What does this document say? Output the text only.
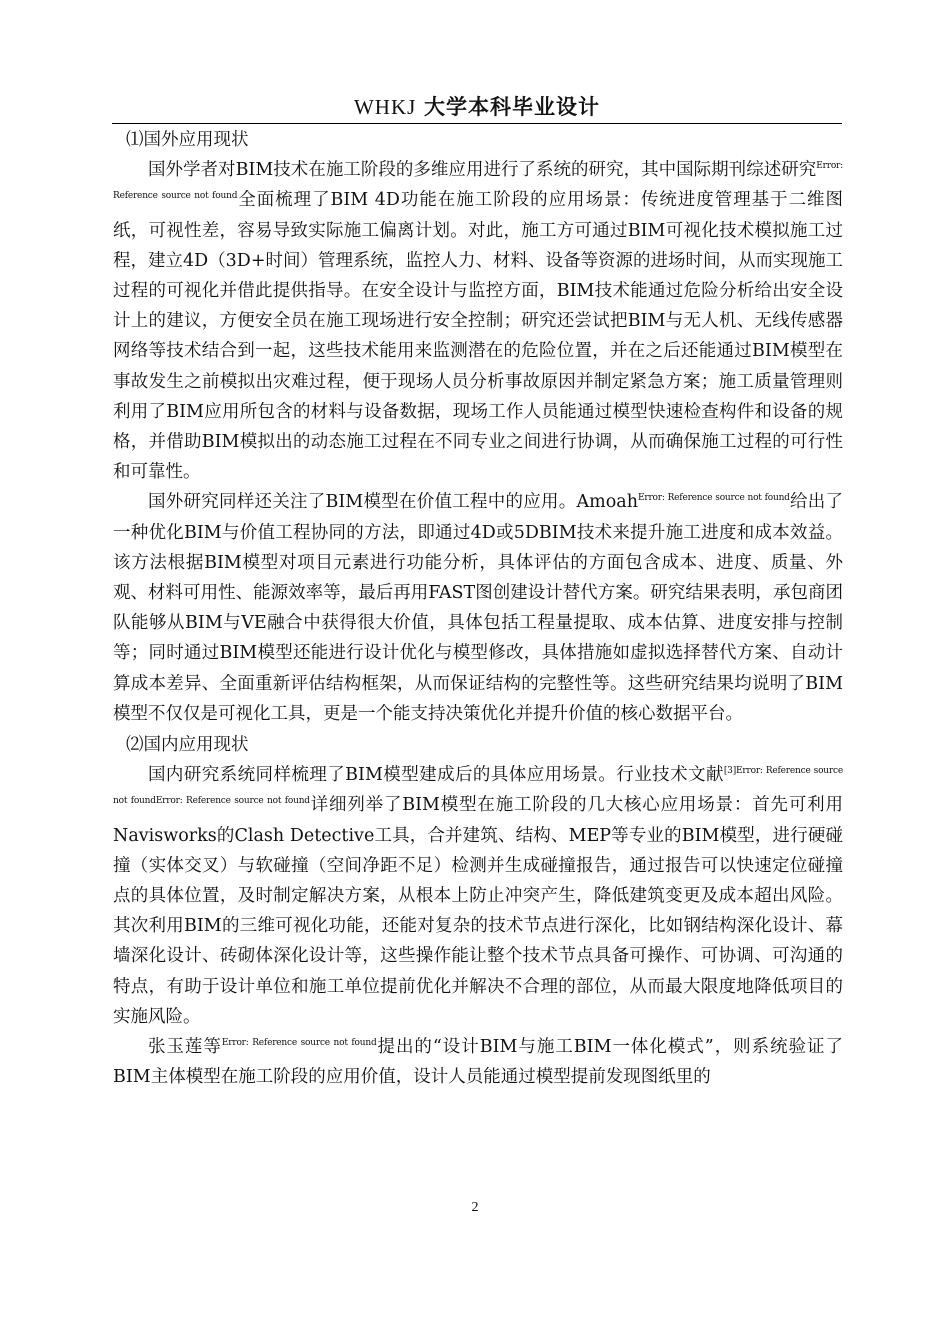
WHKJ 大学本科毕业设计
⑴国外应用现状

国外学者对BIM技术在施工阶段的多维应用进行了系统的研究，其中国际期刊综述研究$^{Error: Reference source not found}$全面梳理了BIM 4D功能在施工阶段的应用场景：传统进度管理基于二维图纸，可视性差，容易导致实际施工偏离计划。对此，施工方可通过BIM可视化技术模拟施工过程，建立4D（3D+时间）管理系统，监控人力、材料、设备等资源的进场时间，从而实现施工过程的可视化并借此提供指导。在安全设计与监控方面，BIM技术能通过危险分析给出安全设计上的建议，方便安全员在施工现场进行安全控制；研究还尝试把BIM与无人机、无线传感器网络等技术结合到一起，这些技术能用来监测潜在的危险位置，并在之后还能通过BIM模型在事故发生之前模拟出灾难过程，便于现场人员分析事故原因并制定紧急方案；施工质量管理则利用了BIM应用所包含的材料与设备数据，现场工作人员能通过模型快速检查构件和设备的规格，并借助BIM模拟出的动态施工过程在不同专业之间进行协调，从而确保施工过程的可行性和可靠性。

国外研究同样还关注了BIM模型在价值工程中的应用。Amoah$^{Error: Reference source not found}$给出了一种优化BIM与价值工程协同的方法，即通过4D或5DBIM技术来提升施工进度和成本效益。该方法根据BIM模型对项目元素进行功能分析，具体评估的方面包含成本、进度、质量、外观、材料可用性、能源效率等，最后再用FAST图创建设计替代方案。研究结果表明，承包商团队能够从BIM与VE融合中获得很大价值，具体包括工程量提取、成本估算、进度安排与控制等；同时通过BIM模型还能进行设计优化与模型修改，具体措施如虚拟选择替代方案、自动计算成本差异、全面重新评估结构框架，从而保证结构的完整性等。这些研究结果均说明了BIM模型不仅仅是可视化工具，更是一个能支持决策优化并提升价值的核心数据平台。

⑵国内应用现状

国内研究系统同样梳理了BIM模型建成后的具体应用场景。行业技术文献$^{[3]Error: Reference source not foundError: Reference source not found}$详细列举了BIM模型在施工阶段的几大核心应用场景：首先可利用Navisworks的Clash Detective工具，合并建筑、结构、MEP等专业的BIM模型，进行硬碰撞（实体交叉）与软碰撞（空间净距不足）检测并生成碰撞报告，通过报告可以快速定位碰撞点的具体位置，及时制定解决方案，从根本上防止冲突产生，降低建筑变更及成本超出风险。其次利用BIM的三维可视化功能，还能对复杂的技术节点进行深化，比如钢结构深化设计、幕墙深化设计、砖砌体深化设计等，这些操作能让整个技术节点具备可操作、可协调、可沟通的特点，有助于设计单位和施工单位提前优化并解决不合理的部位，从而最大限度地降低项目的实施风险。

张玉莲等$^{Error: Reference source not found}$提出的“设计BIM与施工BIM一体化模式”，则系统验证了BIM主体模型在施工阶段的应用价值，设计人员能通过模型提前发现图纸里的

2
